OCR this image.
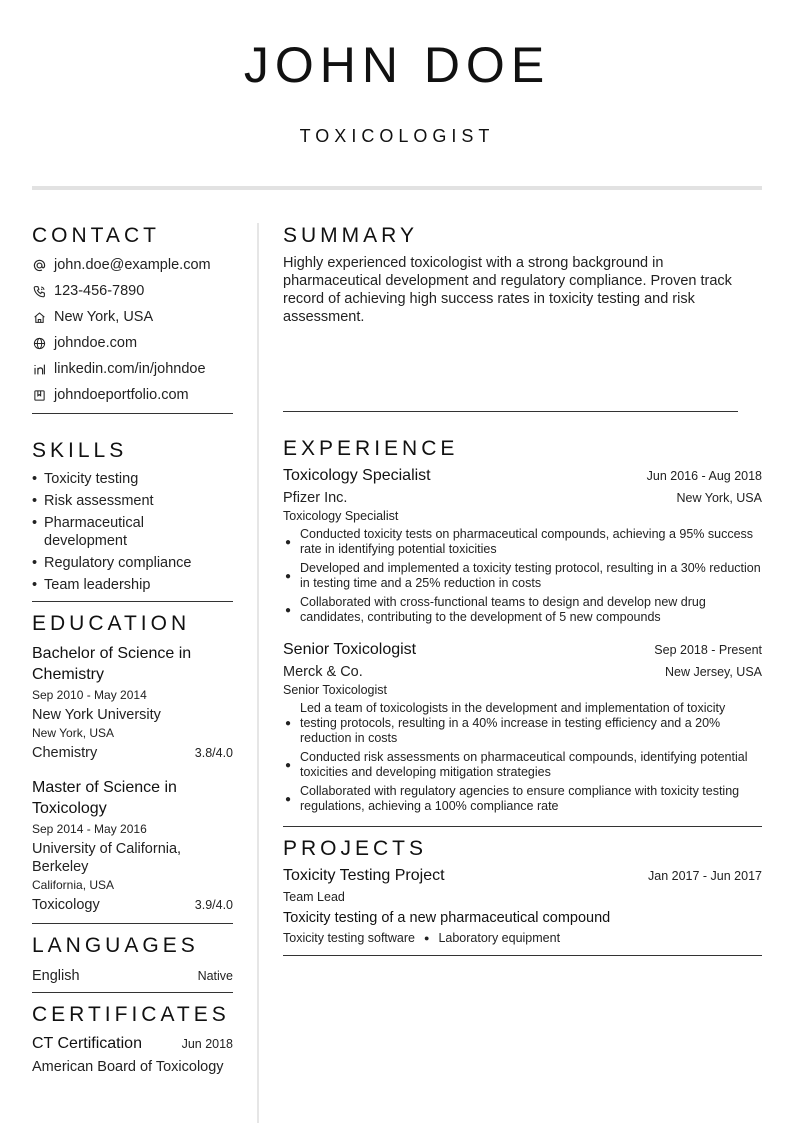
JOHN DOE
TOXICOLOGIST
CONTACT
john.doe@example.com
123-456-7890
New York, USA
johndoe.com
linkedin.com/in/johndoe
johndoeportfolio.com
SKILLS
• Toxicity testing
• Risk assessment
• Pharmaceutical development
• Regulatory compliance
• Team leadership
EDUCATION
Bachelor of Science in Chemistry
Sep 2010 - May 2014
New York University
New York, USA
Chemistry	3.8/4.0
Master of Science in Toxicology
Sep 2014 - May 2016
University of California, Berkeley
California, USA
Toxicology	3.9/4.0
LANGUAGES
English	Native
CERTIFICATES
CT Certification	Jun 2018
American Board of Toxicology
SUMMARY
Highly experienced toxicologist with a strong background in pharmaceutical development and regulatory compliance. Proven track record of achieving high success rates in toxicity testing and risk assessment.
EXPERIENCE
Toxicology Specialist	Jun 2016 - Aug 2018
Pfizer Inc.	New York, USA
Toxicology Specialist
●
Conducted toxicity tests on pharmaceutical compounds, achieving a 95% success rate in identifying potential toxicities
●
Developed and implemented a toxicity testing protocol, resulting in a 30% reduction in testing time and a 25% reduction in costs
●
Collaborated with cross-functional teams to design and develop new drug candidates, contributing to the development of 5 new compounds
Senior Toxicologist	Sep 2018 - Present
Merck & Co.	New Jersey, USA
Senior Toxicologist
●
Led a team of toxicologists in the development and implementation of toxicity testing protocols, resulting in a 40% increase in testing efficiency and a 20% reduction in costs
●
Conducted risk assessments on pharmaceutical compounds, identifying potential toxicities and developing mitigation strategies
●
Collaborated with regulatory agencies to ensure compliance with toxicity testing regulations, achieving a 100% compliance rate
PROJECTS
Toxicity Testing Project	Jan 2017 - Jun 2017
Team Lead
Toxicity testing of a new pharmaceutical compound
Toxicity testing software ● Laboratory equipment
